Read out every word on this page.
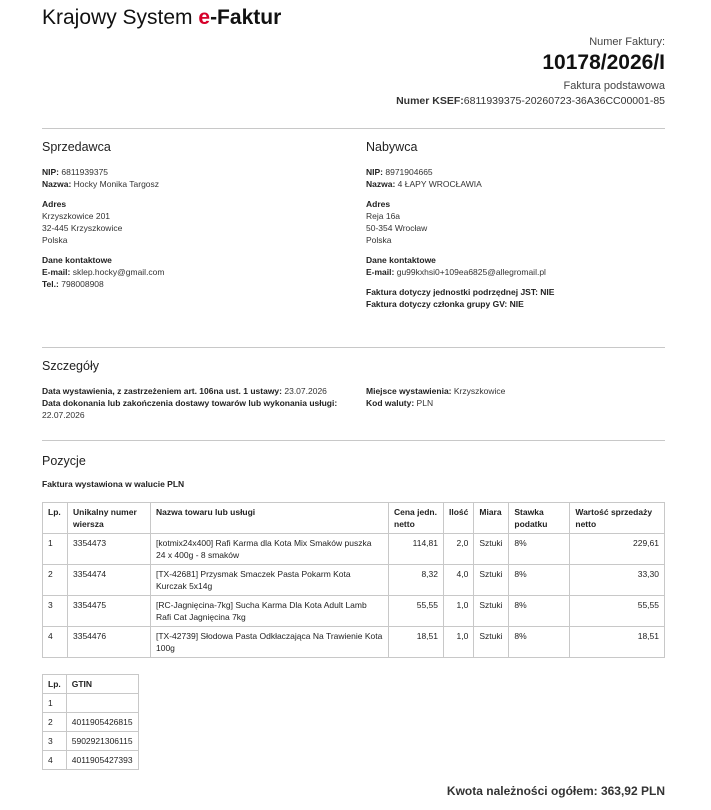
Krajowy System e-Faktur
Numer Faktury:
10178/2026/I
Faktura podstawowa
Numer KSEF:6811939375-20260723-36A36CC00001-85
Sprzedawca
NIP: 6811939375
Nazwa: Hocky Monika Targosz
Adres
Krzyszkowice 201
32-445 Krzyszkowice
Polska
Dane kontaktowe
E-mail: sklep.hocky@gmail.com
Tel.: 798008908
Nabywca
NIP: 8971904665
Nazwa: 4 ŁAPY WROCŁAWIA
Adres
Reja 16a
50-354 Wrocław
Polska
Dane kontaktowe
E-mail: gu99kxhsi0+109ea6825@allegromail.pl
Faktura dotyczy jednostki podrzędnej JST: NIE
Faktura dotyczy członka grupy GV: NIE
Szczegóły
Data wystawienia, z zastrzeżeniem art. 106na ust. 1 ustawy: 23.07.2026
Data dokonania lub zakończenia dostawy towarów lub wykonania usługi: 22.07.2026
Miejsce wystawienia: Krzyszkowice
Kod waluty: PLN
Pozycje
Faktura wystawiona w walucie PLN
Lp.	Unikalny numer wiersza	Nazwa towaru lub usługi	Cena jedn. netto	Ilość	Miara	Stawka podatku	Wartość sprzedaży netto
1	3354473	[kotmix24x400] Rafi Karma dla Kota Mix Smaków puszka 24 x 400g - 8 smaków	114,81	2,0	Sztuki	8%	229,61
2	3354474	[TX-42681] Przysmak Smaczek Pasta Pokarm Kota Kurczak 5x14g	8,32	4,0	Sztuki	8%	33,30
3	3354475	[RC-Jagnięcina-7kg] Sucha Karma Dla Kota Adult Lamb Rafi Cat Jagnięcina 7kg	55,55	1,0	Sztuki	8%	55,55
4	3354476	[TX-42739] Słodowa Pasta Odkłaczająca Na Trawienie Kota 100g	18,51	1,0	Sztuki	8%	18,51
Lp.	GTIN
1	
2	4011905426815
3	5902921306115
4	4011905427393
Kwota należności ogółem: 363,92 PLN
